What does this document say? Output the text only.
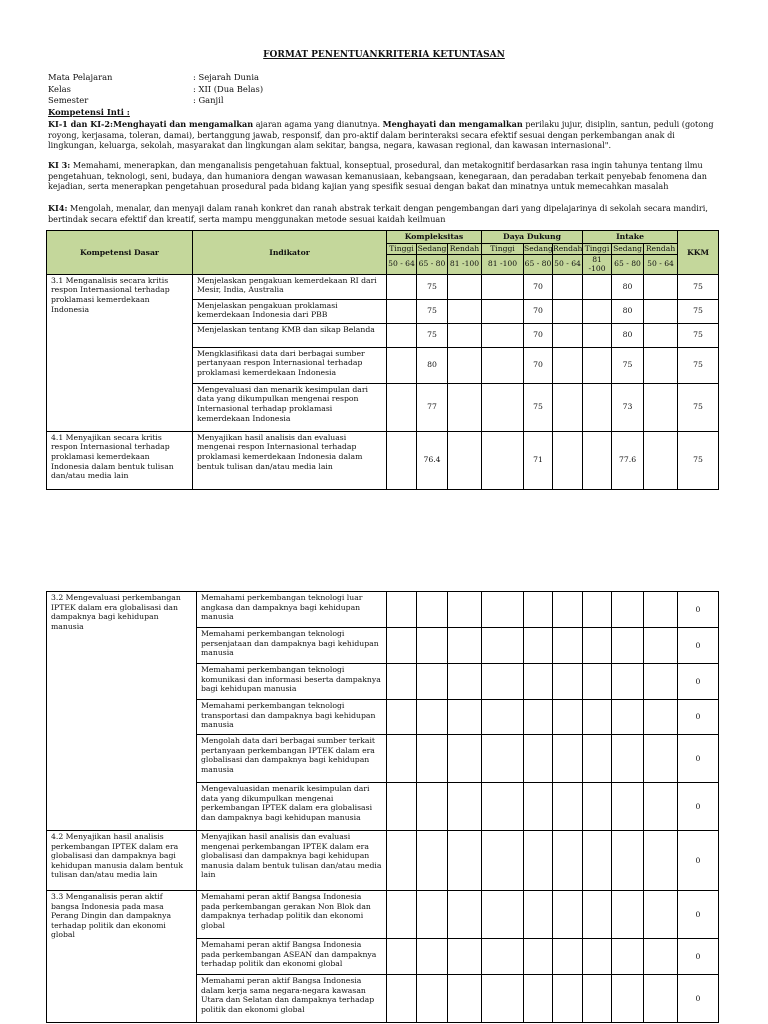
FORMAT PENENTUANKRITERIA KETUNTASAN
Mata Pelajaran	: Sejarah Dunia
Kelas	: XII (Dua Belas)
Semester	: Ganjil
Kompetensi Inti :
KI-1 dan KI-2:Menghayati dan mengamalkan ajaran agama yang dianutnya. Menghayati dan mengamalkan perilaku jujur, disiplin, santun, peduli (gotong royong, kerjasama, toleran, damai), bertanggung jawab, responsif, dan pro-aktif dalam berinteraksi secara efektif sesuai dengan perkembangan anak di lingkungan, keluarga, sekolah, masyarakat dan lingkungan alam sekitar, bangsa, negara, kawasan regional, dan kawasan internasional".
KI 3: Memahami, menerapkan, dan menganalisis pengetahuan faktual, konseptual, prosedural, dan metakognitif berdasarkan rasa ingin tahunya tentang ilmu pengetahuan, teknologi, seni, budaya, dan humaniora dengan wawasan kemanusiaan, kebangsaan, kenegaraan, dan peradaban terkait penyebab fenomena dan kejadian, serta menerapkan pengetahuan prosedural pada bidang kajian yang spesifik sesuai dengan bakat dan minatnya untuk memecahkan masalah
KI4: Mengolah, menalar, dan menyaji dalam ranah konkret dan ranah abstrak terkait dengan pengembangan dari yang dipelajarinya di sekolah secara mandiri, bertindak secara efektif dan kreatif, serta mampu menggunakan metode sesuai kaidah keilmuan
Kompetensi Dasar	Indikator	Kompleksitas			Daya Dukung			Intake			KKM
		Tinggi	Sedang	Rendah	Tinggi	Sedang	Rendah	Tinggi	Sedang	Rendah	
		50 - 64	65 - 80	81 -100	81 -100	65 - 80	50 - 64	81 -100	65 - 80	50 - 64	
3.1 Menganalisis secara kritis respon Internasional terhadap proklamasi kemerdekaan Indonesia	Menjelaskan pengakuan kemerdekaan RI dari Mesir, India, Australia		75			70			80		75
	Menjelaskan pengakuan proklamasi kemerdekaan Indonesia dari PBB		75			70			80		75
	Menjelaskan tentang KMB dan sikap Belanda		75			70			80		75
	Mengklasifikasi data dari berbagai sumber pertanyaan respon Internasional terhadap proklamasi kemerdekaan Indonesia		80			70			75		75
	Mengevaluasi dan menarik kesimpulan dari data yang dikumpulkan mengenai respon Internasional terhadap proklamasi kemerdekaan Indonesia		77			75			73		75
4.1 Menyajikan secara kritis respon Internasional terhadap proklamasi kemerdekaan Indonesia dalam bentuk tulisan dan/atau media lain	Menyajikan hasil analisis dan evaluasi mengenai respon Internasional terhadap proklamasi kemerdekaan Indonesia dalam bentuk tulisan dan/atau media lain		76.4			71			77.6		75
3.2 Mengevaluasi perkembangan IPTEK dalam era globalisasi dan dampaknya bagi kehidupan manusia	Memahami perkembangan teknologi luar angkasa dan dampaknya bagi kehidupan manusia										0
	Memahami perkembangan teknologi persenjataan dan dampaknya bagi kehidupan manusia										0
	Memahami perkembangan teknologi komunikasi dan informasi beserta dampaknya bagi kehidupan manusia										0
	Memahami perkembangan teknologi transportasi dan dampaknya bagi kehidupan manusia										0
	Mengolah data dari berbagai sumber terkait pertanyaan perkembangan IPTEK dalam era globalisasi dan dampaknya bagi kehidupan manusia										0
	Mengevaluasidan menarik kesimpulan dari data yang dikumpulkan mengenai perkembangan IPTEK dalam era globalisasi dan dampaknya bagi kehidupan manusia										0
4.2 Menyajikan hasil analisis perkembangan IPTEK dalam era globalisasi dan dampaknya bagi kehidupan manusia dalam bentuk tulisan dan/atau media lain	Menyajikan hasil analisis dan evaluasi mengenai perkembangan IPTEK dalam era globalisasi dan dampaknya bagi kehidupan manusia dalam bentuk tulisan dan/atau media lain										0
3.3 Menganalisis peran aktif bangsa Indonesia pada masa Perang Dingin dan dampaknya terhadap politik dan ekonomi global	Memahami peran aktif Bangsa Indonesia pada perkembangan gerakan Non Blok dan dampaknya terhadap politik dan ekonomi global										0
	Memahami peran aktif Bangsa Indonesia pada perkembangan ASEAN dan dampaknya terhadap politik dan ekonomi global										0
	Memahami peran aktif Bangsa Indonesia dalam kerja sama negara-negara kawasan Utara dan Selatan dan dampaknya terhadap politik dan ekonomi global										0
